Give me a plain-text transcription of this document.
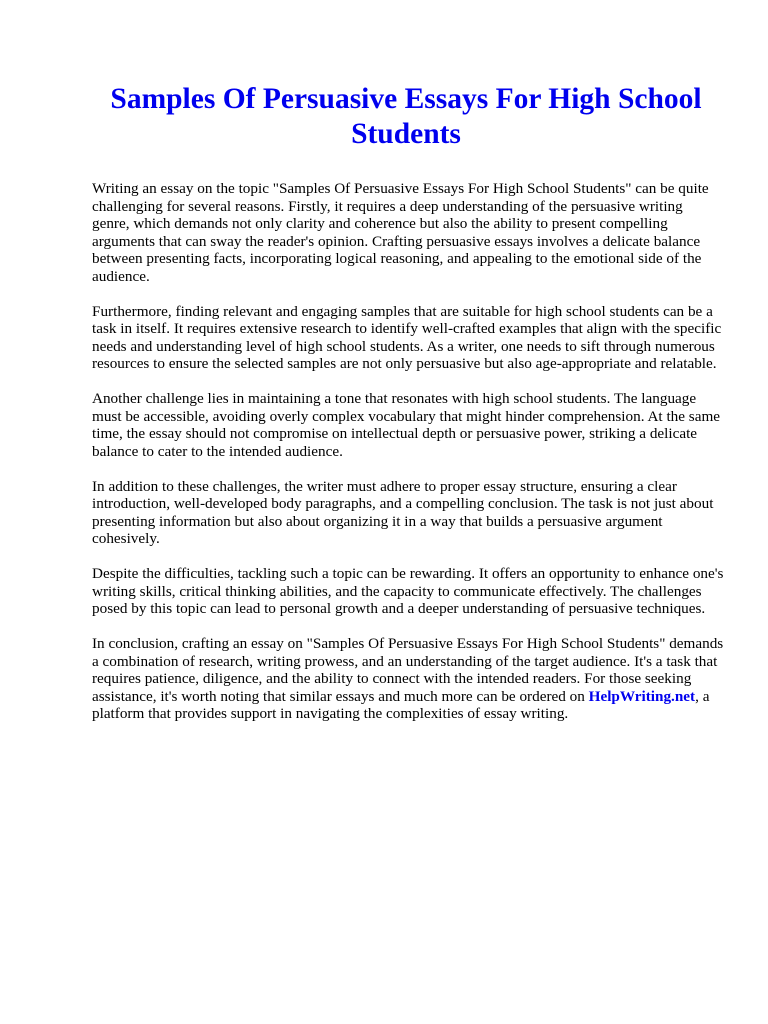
Samples Of Persuasive Essays For High School Students

Writing an essay on the topic "Samples Of Persuasive Essays For High School Students" can be quite challenging for several reasons. Firstly, it requires a deep understanding of the persuasive writing genre, which demands not only clarity and coherence but also the ability to present compelling arguments that can sway the reader's opinion. Crafting persuasive essays involves a delicate balance between presenting facts, incorporating logical reasoning, and appealing to the emotional side of the audience.

Furthermore, finding relevant and engaging samples that are suitable for high school students can be a task in itself. It requires extensive research to identify well-crafted examples that align with the specific needs and understanding level of high school students. As a writer, one needs to sift through numerous resources to ensure the selected samples are not only persuasive but also age-appropriate and relatable.

Another challenge lies in maintaining a tone that resonates with high school students. The language must be accessible, avoiding overly complex vocabulary that might hinder comprehension. At the same time, the essay should not compromise on intellectual depth or persuasive power, striking a delicate balance to cater to the intended audience.

In addition to these challenges, the writer must adhere to proper essay structure, ensuring a clear introduction, well-developed body paragraphs, and a compelling conclusion. The task is not just about presenting information but also about organizing it in a way that builds a persuasive argument cohesively.

Despite the difficulties, tackling such a topic can be rewarding. It offers an opportunity to enhance one's writing skills, critical thinking abilities, and the capacity to communicate effectively. The challenges posed by this topic can lead to personal growth and a deeper understanding of persuasive techniques.

In conclusion, crafting an essay on "Samples Of Persuasive Essays For High School Students" demands a combination of research, writing prowess, and an understanding of the target audience. It's a task that requires patience, diligence, and the ability to connect with the intended readers. For those seeking assistance, it's worth noting that similar essays and much more can be ordered on HelpWriting.net, a platform that provides support in navigating the complexities of essay writing.
